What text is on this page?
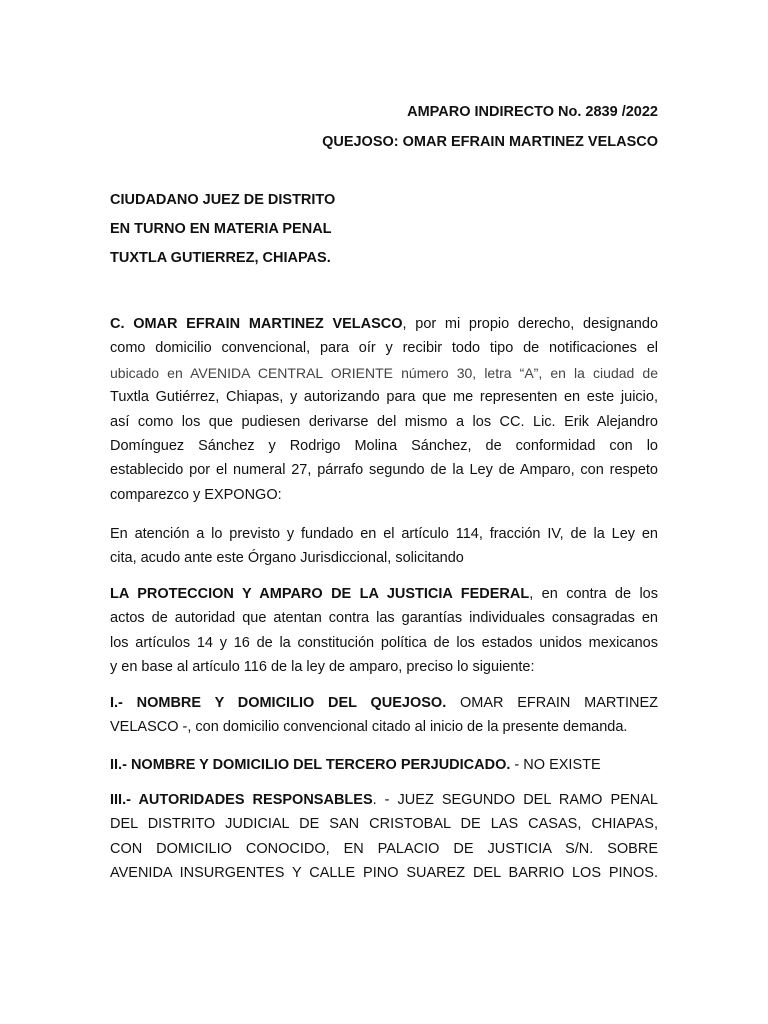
AMPARO INDIRECTO No. 2839 /2022
QUEJOSO: OMAR EFRAIN MARTINEZ VELASCO
CIUDADANO JUEZ DE DISTRITO
EN TURNO EN MATERIA PENAL
TUXTLA GUTIERREZ, CHIAPAS.
C. OMAR EFRAIN MARTINEZ VELASCO, por mi propio derecho, designando
como domicilio convencional, para oír y recibir todo tipo de notificaciones el
ubicado en AVENIDA CENTRAL ORIENTE número 30, letra “A”, en la ciudad de
Tuxtla Gutiérrez, Chiapas, y autorizando para que me representen en este juicio,
así como los que pudiesen derivarse del mismo a los CC. Lic. Erik Alejandro
Domínguez Sánchez y Rodrigo Molina Sánchez, de conformidad con lo
establecido por el numeral 27, párrafo segundo de la Ley de Amparo, con respeto
comparezco y EXPONGO:
En atención a lo previsto y fundado en el artículo 114, fracción IV, de la Ley en
cita, acudo ante este Órgano Jurisdiccional, solicitando
LA PROTECCION Y AMPARO DE LA JUSTICIA FEDERAL, en contra de los
actos de autoridad que atentan contra las garantías individuales consagradas en
los artículos 14 y 16 de la constitución política de los estados unidos mexicanos
y en base al artículo 116 de la ley de amparo, preciso lo siguiente:
I.- NOMBRE Y DOMICILIO DEL QUEJOSO. OMAR EFRAIN MARTINEZ
VELASCO -, con domicilio convencional citado al inicio de la presente demanda.
II.- NOMBRE Y DOMICILIO DEL TERCERO PERJUDICADO. - NO EXISTE
III.- AUTORIDADES RESPONSABLES. - JUEZ SEGUNDO DEL RAMO PENAL
DEL DISTRITO JUDICIAL DE SAN CRISTOBAL DE LAS CASAS, CHIAPAS,
CON DOMICILIO CONOCIDO, EN PALACIO DE JUSTICIA S/N. SOBRE
AVENIDA INSURGENTES Y CALLE PINO SUAREZ DEL BARRIO LOS PINOS.
